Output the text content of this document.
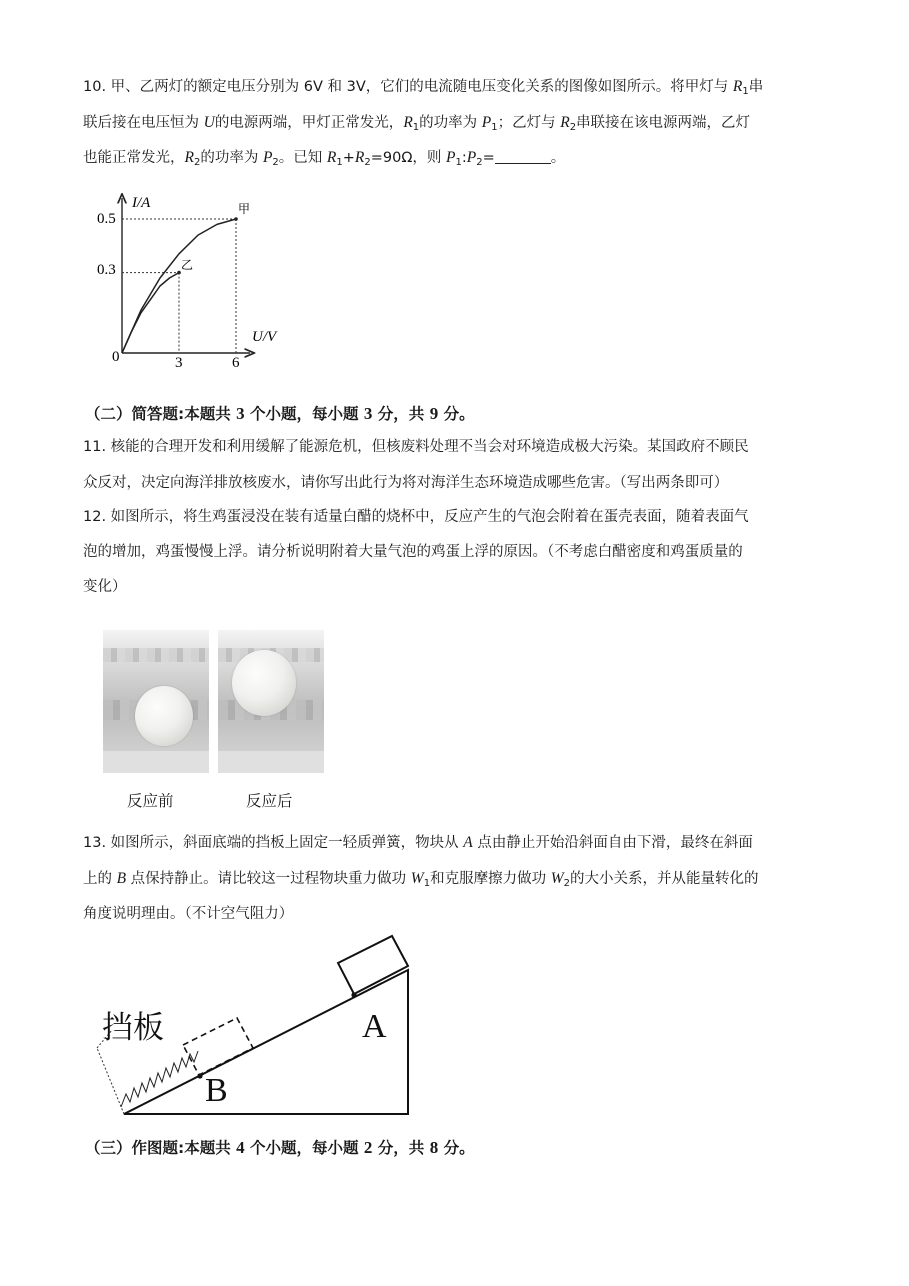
10. 甲、乙两灯的额定电压分别为 6V 和 3V，它们的电流随电压变化关系的图像如图所示。将甲灯与 $R_1$串
联后接在电压恒为 U的电源两端，甲灯正常发光，$R_1$的功率为 $P_1$；乙灯与 $R_2$串联接在该电源两端，乙灯
也能正常发光，$R_2$的功率为 $P_2$。已知 $R_1+R_2=90\Omega$，则 $P_1:P_2=$	。
I/A
U/V
0.5
0.3
3	6
0
甲
乙
（二）简答题:本题共 3 个小题，每小题 3 分，共 9 分。
11. 核能的合理开发和利用缓解了能源危机，但核废料处理不当会对环境造成极大污染。某国政府不顾民
众反对，决定向海洋排放核废水，请你写出此行为将对海洋生态环境造成哪些危害。（写出两条即可）
12. 如图所示，将生鸡蛋浸没在装有适量白醋的烧杯中，反应产生的气泡会附着在蛋壳表面，随着表面气
泡的增加，鸡蛋慢慢上浮。请分析说明附着大量气泡的鸡蛋上浮的原因。（不考虑白醋密度和鸡蛋质量的
变化）
反应前	反应后
13. 如图所示，斜面底端的挡板上固定一轻质弹簧，物块从 A 点由静止开始沿斜面自由下滑，最终在斜面
上的 B 点保持静止。请比较这一过程物块重力做功 $W_1$和克服摩擦力做功 $W_2$的大小关系，并从能量转化的
角度说明理由。（不计空气阻力）
挡板	A
B
（三）作图题:本题共 4 个小题，每小题 2 分，共 8 分。
